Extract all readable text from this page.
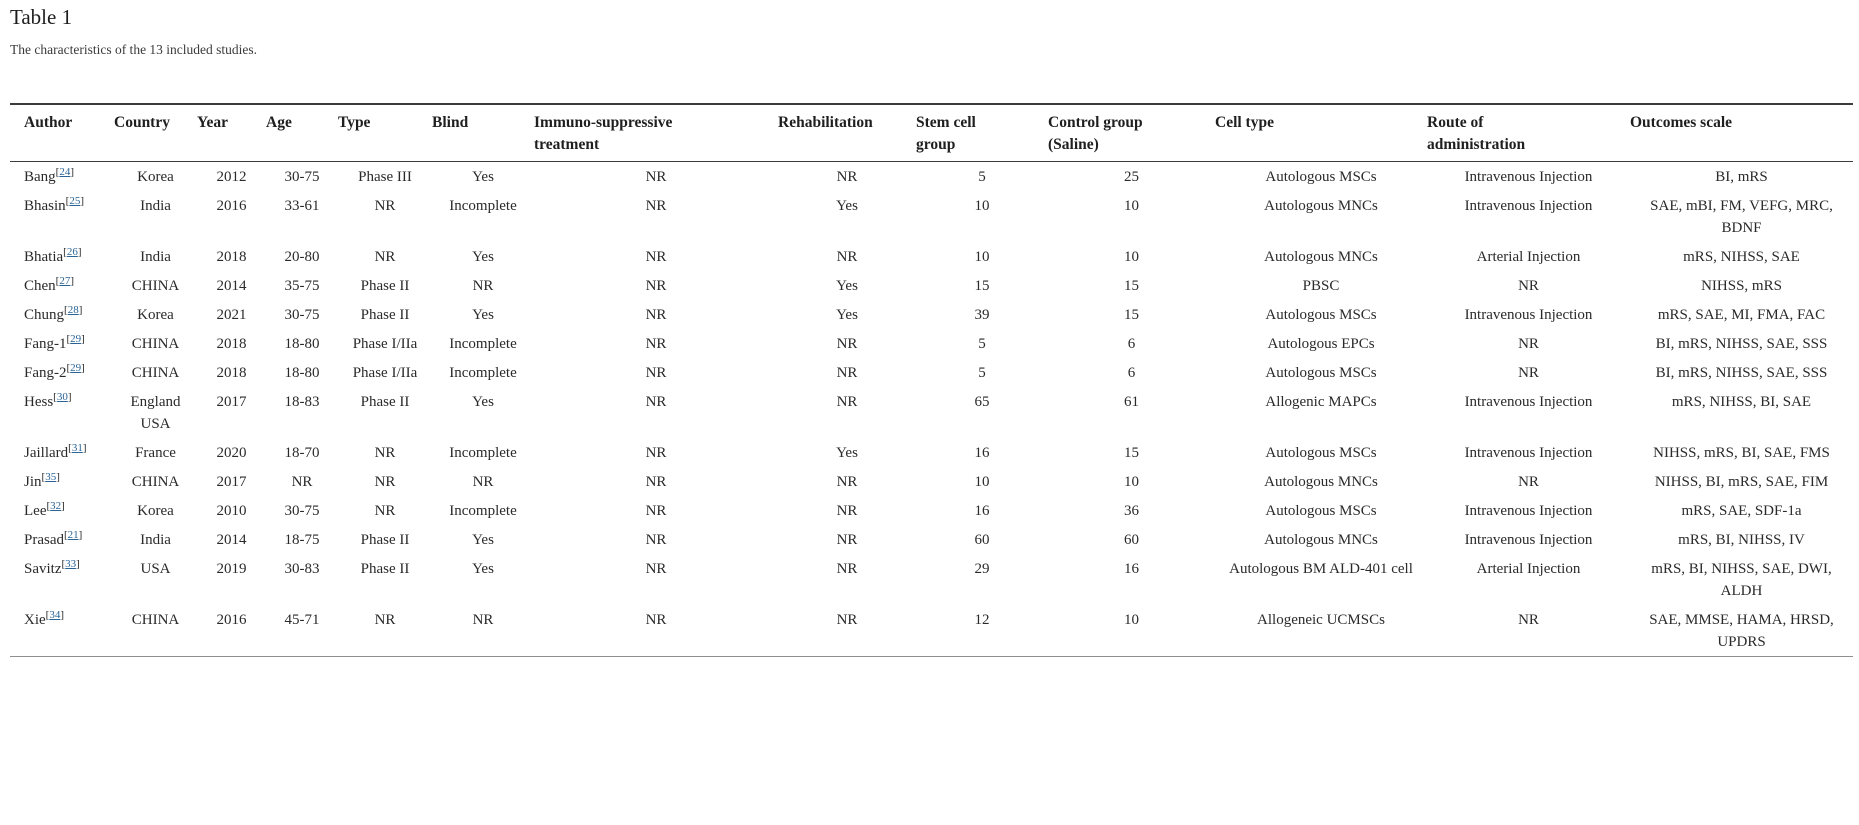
Table 1

The characteristics of the 13 included studies.

Author	Country	Year	Age	Type	Blind	Immuno-suppressive treatment	Rehabilitation	Stem cell group	Control group (Saline)	Cell type	Route of administration	Outcomes scale
Bang[24]	Korea	2012	30-75	Phase III	Yes	NR	NR	5	25	Autologous MSCs	Intravenous Injection	BI, mRS
Bhasin[25]	India	2016	33-61	NR	Incomplete	NR	Yes	10	10	Autologous MNCs	Intravenous Injection	SAE, mBI, FM, VEFG, MRC, BDNF
Bhatia[26]	India	2018	20-80	NR	Yes	NR	NR	10	10	Autologous MNCs	Arterial Injection	mRS, NIHSS, SAE
Chen[27]	CHINA	2014	35-75	Phase II	NR	NR	Yes	15	15	PBSC	NR	NIHSS, mRS
Chung[28]	Korea	2021	30-75	Phase II	Yes	NR	Yes	39	15	Autologous MSCs	Intravenous Injection	mRS, SAE, MI, FMA, FAC
Fang-1[29]	CHINA	2018	18-80	Phase I/IIa	Incomplete	NR	NR	5	6	Autologous EPCs	NR	BI, mRS, NIHSS, SAE, SSS
Fang-2[29]	CHINA	2018	18-80	Phase I/IIa	Incomplete	NR	NR	5	6	Autologous MSCs	NR	BI, mRS, NIHSS, SAE, SSS
Hess[30]	England USA	2017	18-83	Phase II	Yes	NR	NR	65	61	Allogenic MAPCs	Intravenous Injection	mRS, NIHSS, BI, SAE
Jaillard[31]	France	2020	18-70	NR	Incomplete	NR	Yes	16	15	Autologous MSCs	Intravenous Injection	NIHSS, mRS, BI, SAE, FMS
Jin[35]	CHINA	2017	NR	NR	NR	NR	NR	10	10	Autologous MNCs	NR	NIHSS, BI, mRS, SAE, FIM
Lee[32]	Korea	2010	30-75	NR	Incomplete	NR	NR	16	36	Autologous MSCs	Intravenous Injection	mRS, SAE, SDF-1a
Prasad[21]	India	2014	18-75	Phase II	Yes	NR	NR	60	60	Autologous MNCs	Intravenous Injection	mRS, BI, NIHSS, IV
Savitz[33]	USA	2019	30-83	Phase II	Yes	NR	NR	29	16	Autologous BM ALD-401 cell	Arterial Injection	mRS, BI, NIHSS, SAE, DWI, ALDH
Xie[34]	CHINA	2016	45-71	NR	NR	NR	NR	12	10	Allogeneic UCMSCs	NR	SAE, MMSE, HAMA, HRSD, UPDRS
